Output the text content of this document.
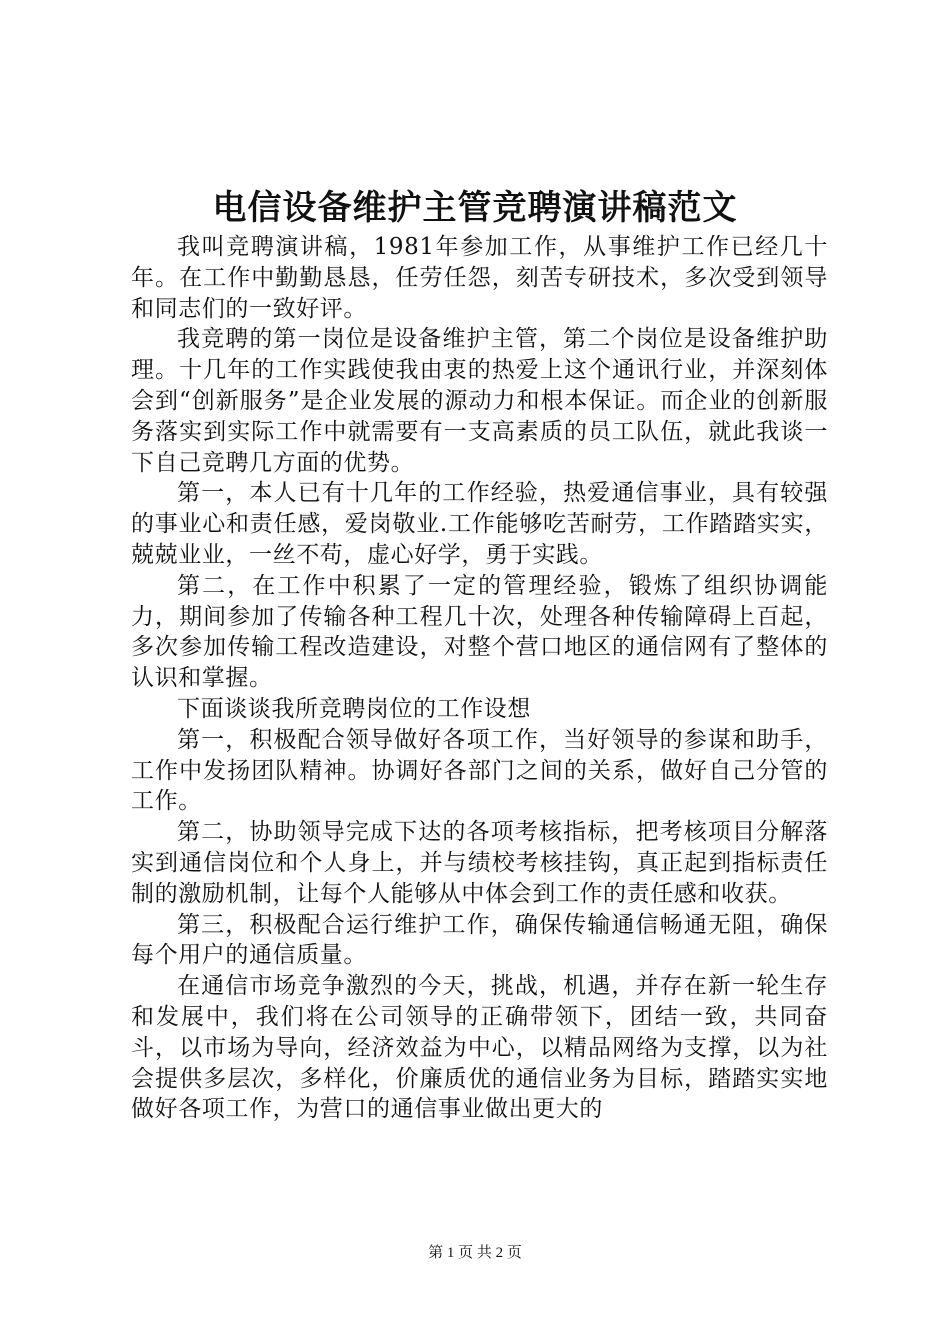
电信设备维护主管竞聘演讲稿范文

我叫竞聘演讲稿，1981年参加工作，从事维护工作已经几十年。在工作中勤勤恳恳，任劳任怨，刻苦专研技术，多次受到领导和同志们的一致好评。

我竞聘的第一岗位是设备维护主管，第二个岗位是设备维护助理。十几年的工作实践使我由衷的热爱上这个通讯行业，并深刻体会到“创新服务”是企业发展的源动力和根本保证。而企业的创新服务落实到实际工作中就需要有一支高素质的员工队伍，就此我谈一下自己竞聘几方面的优势。

第一，本人已有十几年的工作经验，热爱通信事业，具有较强的事业心和责任感，爱岗敬业.工作能够吃苦耐劳，工作踏踏实实，兢兢业业，一丝不苟，虚心好学，勇于实践。

第二，在工作中积累了一定的管理经验，锻炼了组织协调能力，期间参加了传输各种工程几十次，处理各种传输障碍上百起，多次参加传输工程改造建设，对整个营口地区的通信网有了整体的认识和掌握。

下面谈谈我所竞聘岗位的工作设想

第一，积极配合领导做好各项工作，当好领导的参谋和助手，工作中发扬团队精神。协调好各部门之间的关系，做好自己分管的工作。

第二，协助领导完成下达的各项考核指标，把考核项目分解落实到通信岗位和个人身上，并与绩校考核挂钩，真正起到指标责任制的激励机制，让每个人能够从中体会到工作的责任感和收获。

第三，积极配合运行维护工作，确保传输通信畅通无阻，确保每个用户的通信质量。

在通信市场竞争激烈的今天，挑战，机遇，并存在新一轮生存和发展中，我们将在公司领导的正确带领下，团结一致，共同奋斗，以市场为导向，经济效益为中心，以精品网络为支撑，以为社会提供多层次，多样化，价廉质优的通信业务为目标，踏踏实实地做好各项工作，为营口的通信事业做出更大的

第 1 页 共 2 页
